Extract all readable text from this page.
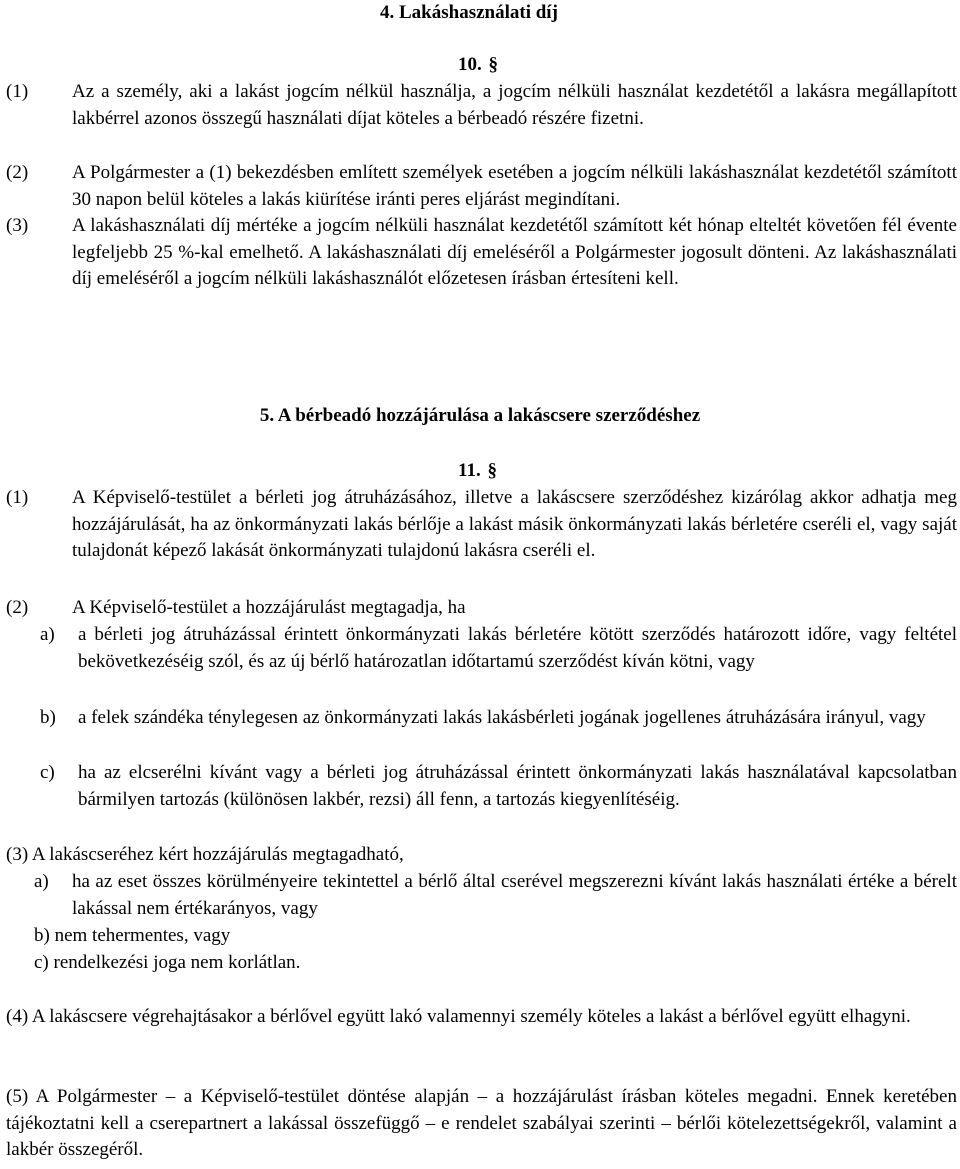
4. Lakáshasználati díj
10. §
(1) Az a személy, aki a lakást jogcím nélkül használja, a jogcím nélküli használat kezdetétől a lakásra megállapított lakbérrel azonos összegű használati díjat köteles a bérbeadó részére fizetni.
(2) A Polgármester a (1) bekezdésben említett személyek esetében a jogcím nélküli lakáshasználat kezdetétől számított 30 napon belül köteles a lakás kiürítése iránti peres eljárást megindítani.
(3) A lakáshasználati díj mértéke a jogcím nélküli használat kezdetétől számított két hónap elteltét követően fél évente legfeljebb 25 %-kal emelhető. A lakáshasználati díj emeléséről a Polgármester jogosult dönteni. Az lakáshasználati díj emeléséről a jogcím nélküli lakáshasználót előzetesen írásban értesíteni kell.
5. A bérbeadó hozzájárulása a lakáscsere szerződéshez
11. §
(1) A Képviselő-testület a bérleti jog átruházásához, illetve a lakáscsere szerződéshez kizárólag akkor adhatja meg hozzájárulását, ha az önkormányzati lakás bérlője a lakást másik önkormányzati lakás bérletére cseréli el, vagy saját tulajdonát képező lakását önkormányzati tulajdonú lakásra cseréli el.
(2) A Képviselő-testület a hozzájárulást megtagadja, ha
a) a bérleti jog átruházással érintett önkormányzati lakás bérletére kötött szerződés határozott időre, vagy feltétel bekövetkezéséig szól, és az új bérlő határozatlan időtartamú szerződést kíván kötni, vagy
b) a felek szándéka ténylegesen az önkormányzati lakás lakásbérleti jogának jogellenes átruházására irányul, vagy
c) ha az elcserélni kívánt vagy a bérleti jog átruházással érintett önkormányzati lakás használatával kapcsolatban bármilyen tartozás (különösen lakbér, rezsi) áll fenn, a tartozás kiegyenlítéséig.
(3) A lakáscseréhez kért hozzájárulás megtagadható,
a) ha az eset összes körülményeire tekintettel a bérlő által cserével megszerezni kívánt lakás használati értéke a bérelt lakással nem értékarányos, vagy
b) nem tehermentes, vagy
c) rendelkezési joga nem korlátlan.
(4) A lakáscsere végrehajtásakor a bérlővel együtt lakó valamennyi személy köteles a lakást a bérlővel együtt elhagyni.
(5) A Polgármester – a Képviselő-testület döntése alapján – a hozzájárulást írásban köteles megadni. Ennek keretében tájékoztatni kell a cserepartnert a lakással összefüggő – e rendelet szabályai szerinti – bérlői kötelezettségekről, valamint a lakbér összegéről.
